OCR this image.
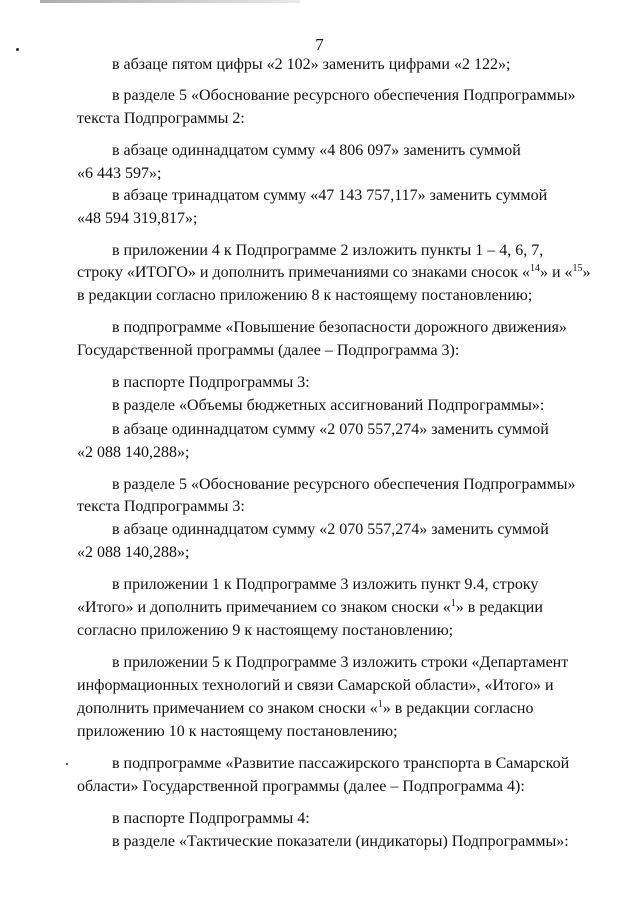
7
в абзаце пятом цифры «2 102» заменить цифрами «2 122»;
в разделе 5 «Обоснование ресурсного обеспечения Подпрограммы»
текста Подпрограммы 2:
в абзаце одиннадцатом сумму «4 806 097» заменить суммой
«6 443 597»;
в абзаце тринадцатом сумму «47 143 757,117» заменить суммой
«48 594 319,817»;
в приложении 4 к Подпрограмме 2 изложить пункты 1 – 4, 6, 7,
строку «ИТОГО» и дополнить примечаниями со знаками сносок «$^{14}$» и «$^{15}$»
в редакции согласно приложению 8 к настоящему постановлению;
в подпрограмме «Повышение безопасности дорожного движения»
Государственной программы (далее – Подпрограмма 3):
в паспорте Подпрограммы 3:
в разделе «Объемы бюджетных ассигнований Подпрограммы»:
в абзаце одиннадцатом сумму «2 070 557,274» заменить суммой
«2 088 140,288»;
в разделе 5 «Обоснование ресурсного обеспечения Подпрограммы»
текста Подпрограммы 3:
в абзаце одиннадцатом сумму «2 070 557,274» заменить суммой
«2 088 140,288»;
в приложении 1 к Подпрограмме 3 изложить пункт 9.4, строку
«Итого» и дополнить примечанием со знаком сноски «$^1$» в редакции
согласно приложению 9 к настоящему постановлению;
в приложении 5 к Подпрограмме 3 изложить строки «Департамент
информационных технологий и связи Самарской области», «Итого» и
дополнить примечанием со знаком сноски «$^1$» в редакции согласно
приложению 10 к настоящему постановлению;
в подпрограмме «Развитие пассажирского транспорта в Самарской
области» Государственной программы (далее – Подпрограмма 4):
в паспорте Подпрограммы 4:
в разделе «Тактические показатели (индикаторы) Подпрограммы»:
